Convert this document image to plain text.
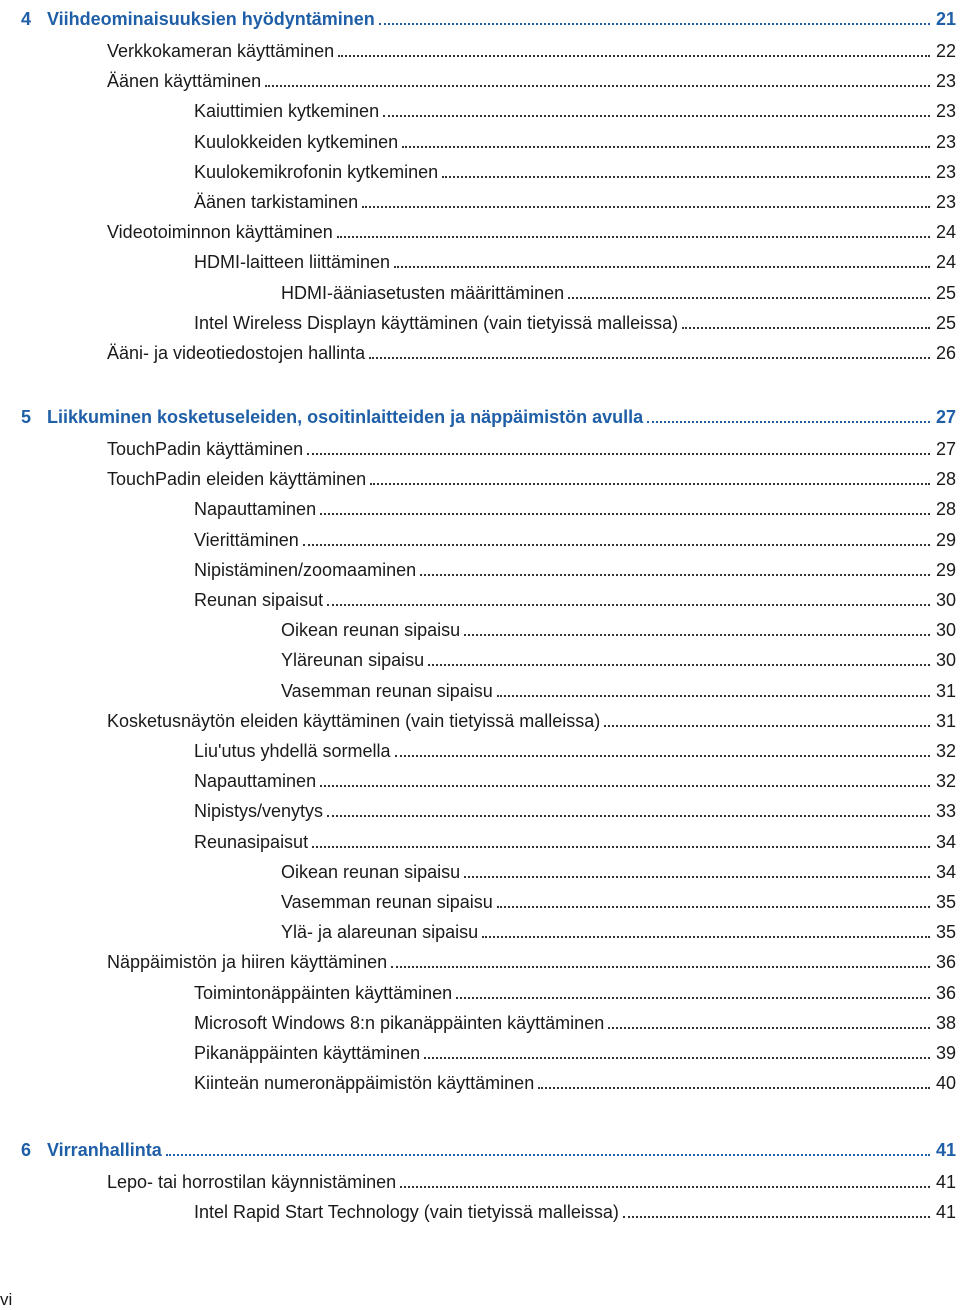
4 Viihdeominaisuuksien hyödyntäminen	21
Verkkokameran käyttäminen	22
Äänen käyttäminen	23
Kaiuttimien kytkeminen	23
Kuulokkeiden kytkeminen	23
Kuulokemikrofonin kytkeminen	23
Äänen tarkistaminen	23
Videotoiminnon käyttäminen	24
HDMI-laitteen liittäminen	24
HDMI-ääniasetusten määrittäminen	25
Intel Wireless Displayn käyttäminen (vain tietyissä malleissa)	25
Ääni- ja videotiedostojen hallinta	26
5 Liikkuminen kosketuseleiden, osoitinlaitteiden ja näppäimistön avulla	27
TouchPadin käyttäminen	27
TouchPadin eleiden käyttäminen	28
Napauttaminen	28
Vierittäminen	29
Nipistäminen/zoomaaminen	29
Reunan sipaisut	30
Oikean reunan sipaisu	30
Yläreunan sipaisu	30
Vasemman reunan sipaisu	31
Kosketusnäytön eleiden käyttäminen (vain tietyissä malleissa)	31
Liu'utus yhdellä sormella	32
Napauttaminen	32
Nipistys/venytys	33
Reunasipaisut	34
Oikean reunan sipaisu	34
Vasemman reunan sipaisu	35
Ylä- ja alareunan sipaisu	35
Näppäimistön ja hiiren käyttäminen	36
Toimintonäppäinten käyttäminen	36
Microsoft Windows 8:n pikanäppäinten käyttäminen	38
Pikanäppäinten käyttäminen	39
Kiinteän numeronäppäimistön käyttäminen	40
6 Virranhallinta	41
Lepo- tai horrostilan käynnistäminen	41
Intel Rapid Start Technology (vain tietyissä malleissa)	41
vi
